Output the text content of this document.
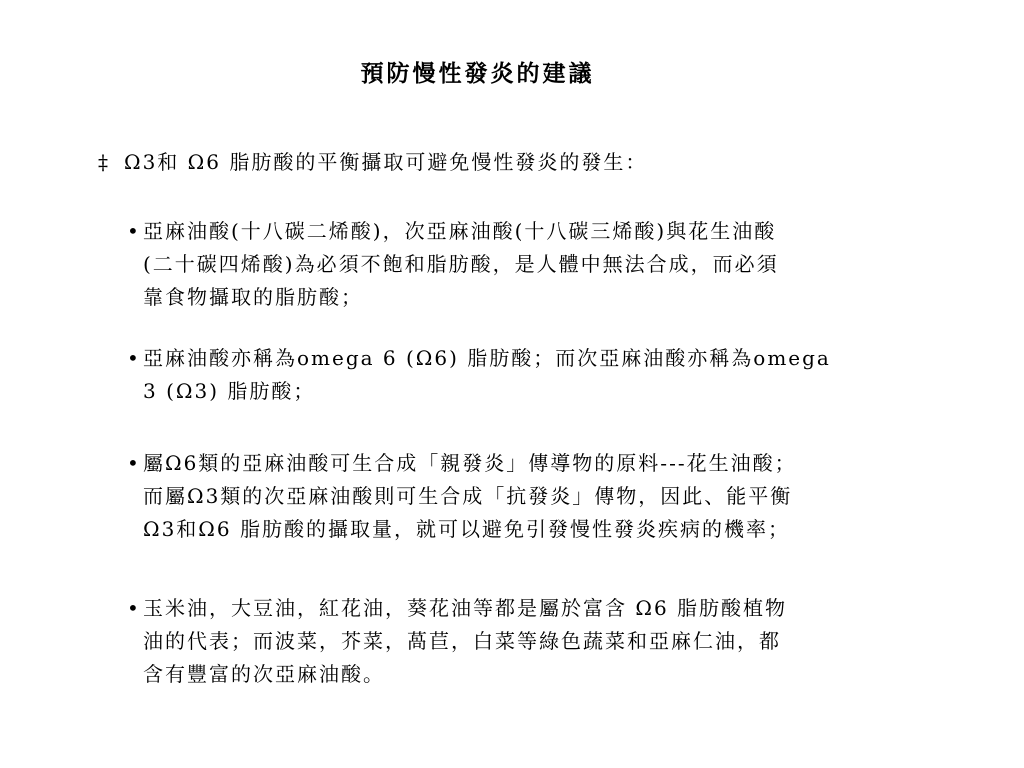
預防慢性發炎的建議
‡ Ω3和 Ω6 脂肪酸的平衡攝取可避免慢性發炎的發生：
• 亞麻油酸(十八碳二烯酸)，次亞麻油酸(十八碳三烯酸)與花生油酸
(二十碳四烯酸)為必須不飽和脂肪酸，是人體中無法合成，而必須
靠食物攝取的脂肪酸；
• 亞麻油酸亦稱為omega 6 (Ω6) 脂肪酸；而次亞麻油酸亦稱為omega
3 (Ω3) 脂肪酸；
• 屬Ω6類的亞麻油酸可生合成「親發炎」傳導物的原料---花生油酸；
而屬Ω3類的次亞麻油酸則可生合成「抗發炎」傳物，因此、能平衡
Ω3和Ω6 脂肪酸的攝取量，就可以避免引發慢性發炎疾病的機率；
• 玉米油，大豆油，紅花油，葵花油等都是屬於富含 Ω6 脂肪酸植物
油的代表；而波菜，芥菜，萵苣，白菜等綠色蔬菜和亞麻仁油，都
含有豐富的次亞麻油酸。
